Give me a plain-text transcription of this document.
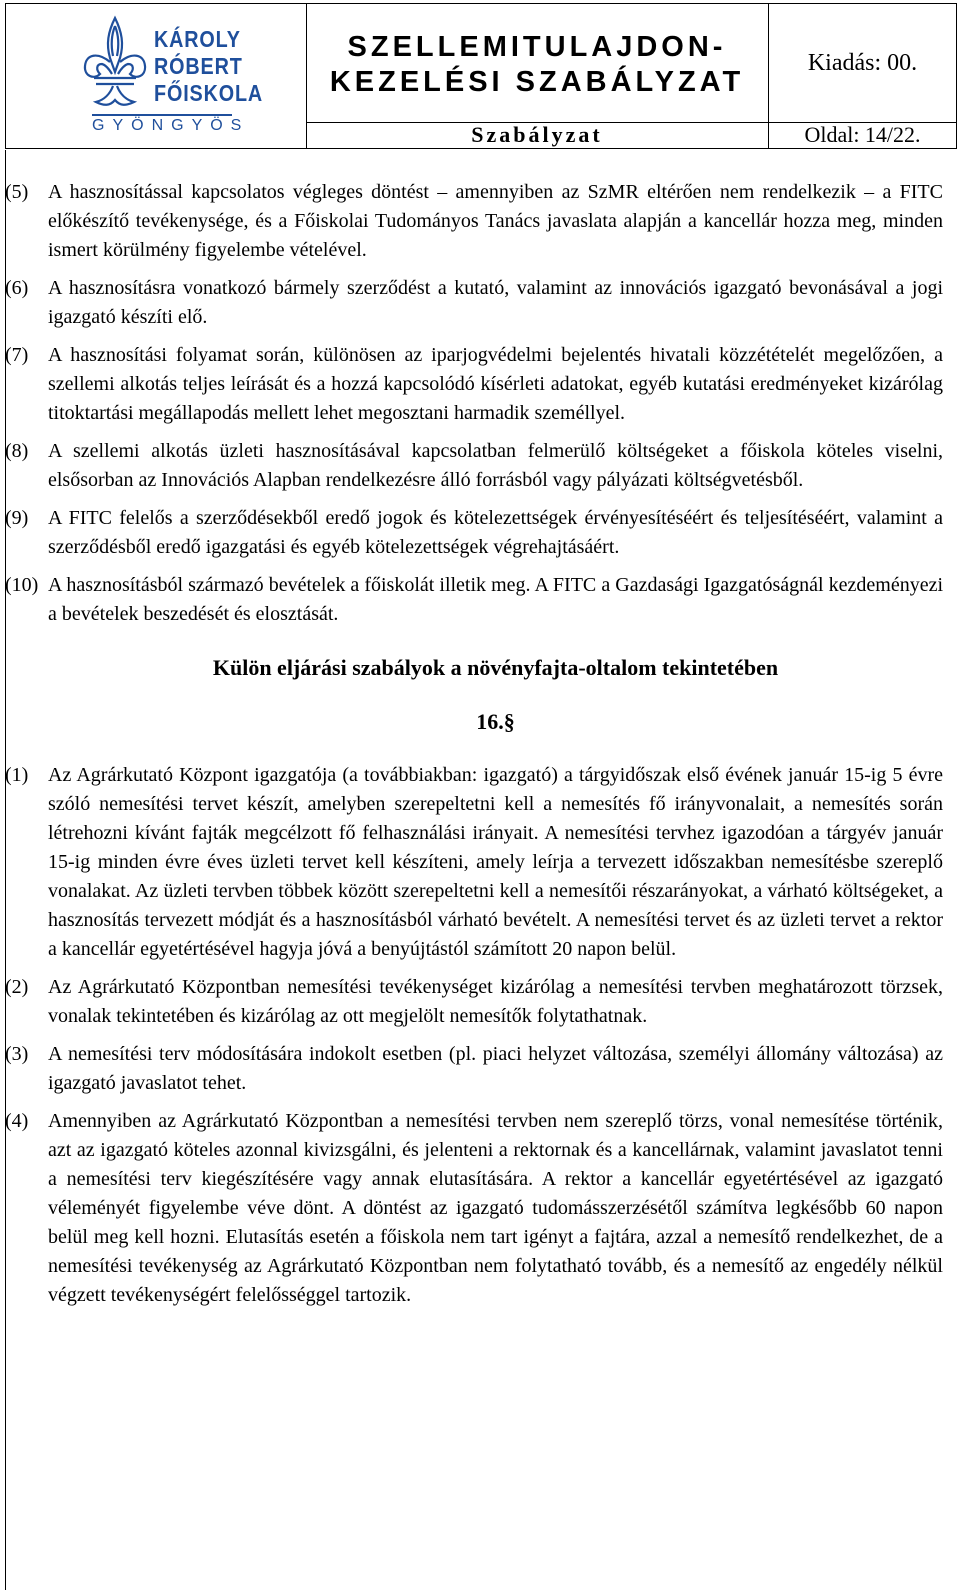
KÁROLY
RÓBERT
FŐISKOLA
GYÖNGYÖS
SZELLEMITULAJDON-
KEZELÉSI SZABÁLYZAT
Kiadás: 00.
Szabályzat	Oldal: 14/22.
(5) A hasznosítással kapcsolatos végleges döntést – amennyiben az SzMR eltérően nem rendelkezik – a FITC előkészítő tevékenysége, és a Főiskolai Tudományos Tanács javaslata alapján a kancellár hozza meg, minden ismert körülmény figyelembe vételével.
(6) A hasznosításra vonatkozó bármely szerződést a kutató, valamint az innovációs igazgató bevonásával a jogi igazgató készíti elő.
(7) A hasznosítási folyamat során, különösen az iparjogvédelmi bejelentés hivatali közzétételét megelőzően, a szellemi alkotás teljes leírását és a hozzá kapcsolódó kísérleti adatokat, egyéb kutatási eredményeket kizárólag titoktartási megállapodás mellett lehet megosztani harmadik személlyel.
(8) A szellemi alkotás üzleti hasznosításával kapcsolatban felmerülő költségeket a főiskola köteles viselni, elsősorban az Innovációs Alapban rendelkezésre álló forrásból vagy pályázati költségvetésből.
(9) A FITC felelős a szerződésekből eredő jogok és kötelezettségek érvényesítéséért és teljesítéséért, valamint a szerződésből eredő igazgatási és egyéb kötelezettségek végrehajtásáért.
(10) A hasznosításból származó bevételek a főiskolát illetik meg. A FITC a Gazdasági Igazgatóságnál kezdeményezi a bevételek beszedését és elosztását.
Külön eljárási szabályok a növényfajta-oltalom tekintetében
16.§
(1) Az Agrárkutató Központ igazgatója (a továbbiakban: igazgató) a tárgyidőszak első évének január 15-ig 5 évre szóló nemesítési tervet készít, amelyben szerepeltetni kell a nemesítés fő irányvonalait, a nemesítés során létrehozni kívánt fajták megcélzott fő felhasználási irányait. A nemesítési tervhez igazodóan a tárgyév január 15-ig minden évre éves üzleti tervet kell készíteni, amely leírja a tervezett időszakban nemesítésbe szereplő vonalakat. Az üzleti tervben többek között szerepeltetni kell a nemesítői részarányokat, a várható költségeket, a hasznosítás tervezett módját és a hasznosításból várható bevételt. A nemesítési tervet és az üzleti tervet a rektor a kancellár egyetértésével hagyja jóvá a benyújtástól számított 20 napon belül.
(2) Az Agrárkutató Központban nemesítési tevékenységet kizárólag a nemesítési tervben meghatározott törzsek, vonalak tekintetében és kizárólag az ott megjelölt nemesítők folytathatnak.
(3) A nemesítési terv módosítására indokolt esetben (pl. piaci helyzet változása, személyi állomány változása) az igazgató javaslatot tehet.
(4) Amennyiben az Agrárkutató Központban a nemesítési tervben nem szereplő törzs, vonal nemesítése történik, azt az igazgató köteles azonnal kivizsgálni, és jelenteni a rektornak és a kancellárnak, valamint javaslatot tenni a nemesítési terv kiegészítésére vagy annak elutasítására. A rektor a kancellár egyetértésével az igazgató véleményét figyelembe véve dönt. A döntést az igazgató tudomásszerzésétől számítva legkésőbb 60 napon belül meg kell hozni. Elutasítás esetén a főiskola nem tart igényt a fajtára, azzal a nemesítő rendelkezhet, de a nemesítési tevékenység az Agrárkutató Központban nem folytatható tovább, és a nemesítő az engedély nélkül végzett tevékenységért felelősséggel tartozik.
